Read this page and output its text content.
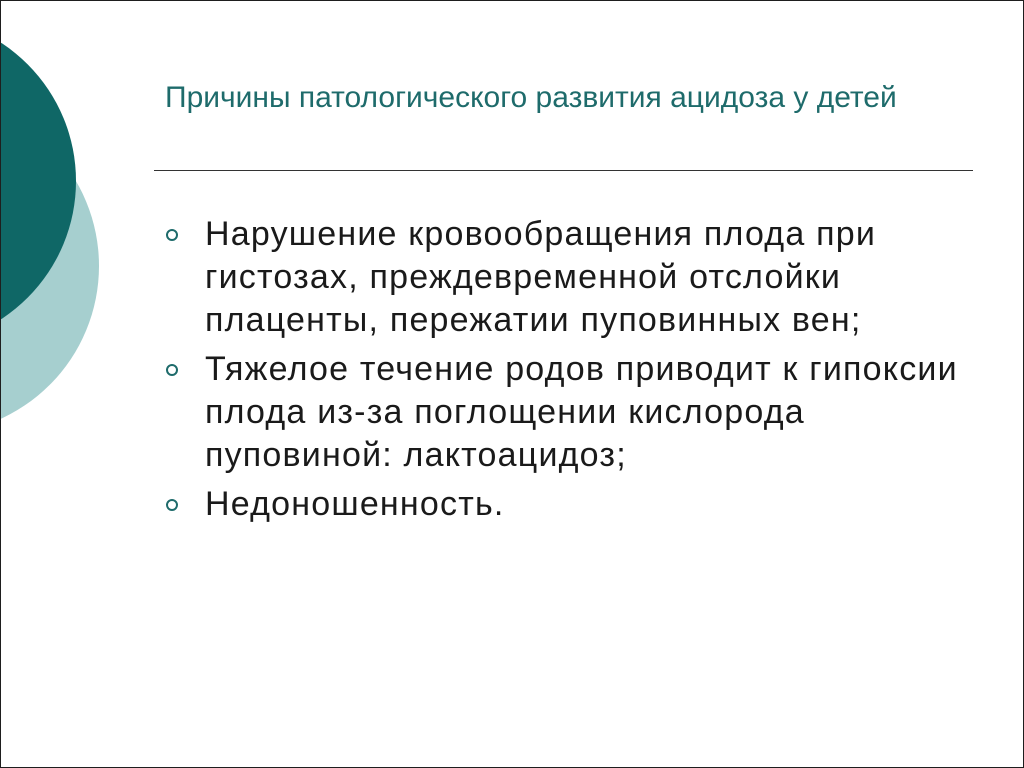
Причины патологического развития ацидоза у детей
Нарушение кровообращения плода при гистозах, преждевременной отслойки плаценты, пережатии пуповинных вен;
Тяжелое течение родов приводит к гипоксии плода из-за поглощении кислорода пуповиной: лактоацидоз;
Недоношенность.
